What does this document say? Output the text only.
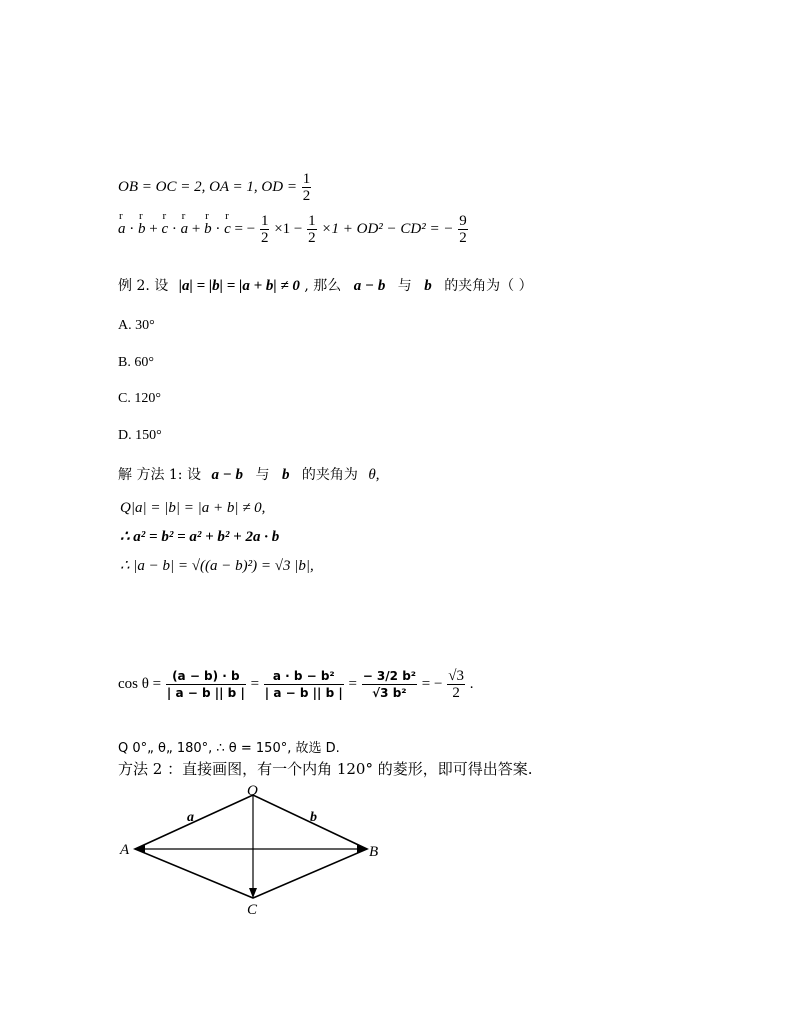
OB = OC = 2, OA = 1, OD = $\frac{1}{2}$
r a · r b + r c · r a + r b · r c = − $\frac{1}{2} \times 1 - \frac{1}{2} \times 1 + OD^2 - CD^2$ = − $\frac{9}{2}$
例 2. 设 |a| = |b| = |a + b| ≠ 0 , 那么 a − b 与 b 的夹角为（ ）
A. 30°
B. 60°
C. 120°
D. 150°
解 方法 1: 设 a − b 与 b 的夹角为 θ,
Q|a| = |b| = |a + b| ≠ 0,
∴ a² = b² = a² + b² + 2a · b
∴ |a − b| = √((a − b)²) = √3 |b|,
$\cos \theta = \frac{(a - b) \cdot b}{| a - b || b |} = \frac{\text{a · b − b²}}{| a - b || b |} = \frac{\text{− 3/2 b²}}{\text{√3 b²}}$ = − $\frac{√3}{2}$ .
Q 0°„ θ„ 180°, ∴ θ = 150°, 故选 D.
方法 2 ：直接画图，有一个内角 120° 的菱形，即可得出答案.
O
A	B
C
a	b
